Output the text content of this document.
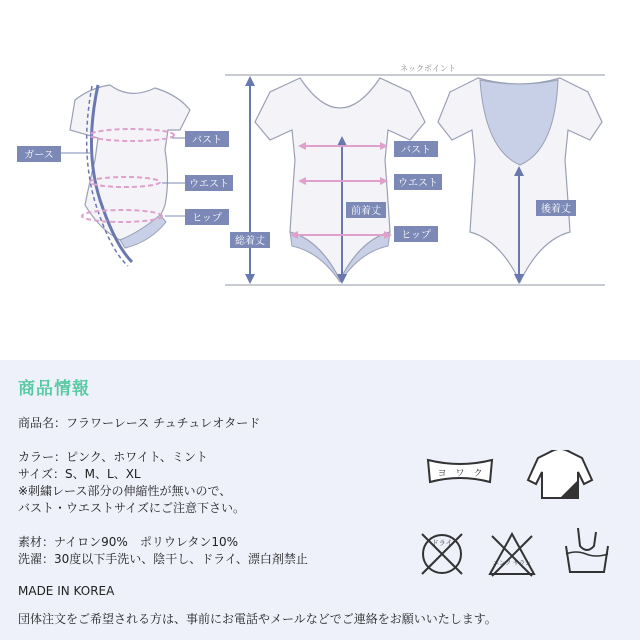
総着丈
前着丈	後着丈
ネックポイント
ガース
バスト
ウエスト
ヒップ
バスト
ウエスト
ヒップ
商品情報
商品名：フラワーレース チュチュレオタード
カラー：ピンク、ホワイト、ミント
サイズ：S、M、L、XL
※刺繍レース部分の伸縮性が無いので、
バスト・ウエストサイズにご注意下さい。
素材：ナイロン90%　ポリウレタン10%
洗濯：30度以下手洗い、陰干し、ドライ、漂白剤禁止
MADE IN KOREA
団体注文をご希望される方は、事前にお電話やメールなどでご連絡をお願いいたします。
ヨ　ワ　ク
ドライ
エンソ サラシ
